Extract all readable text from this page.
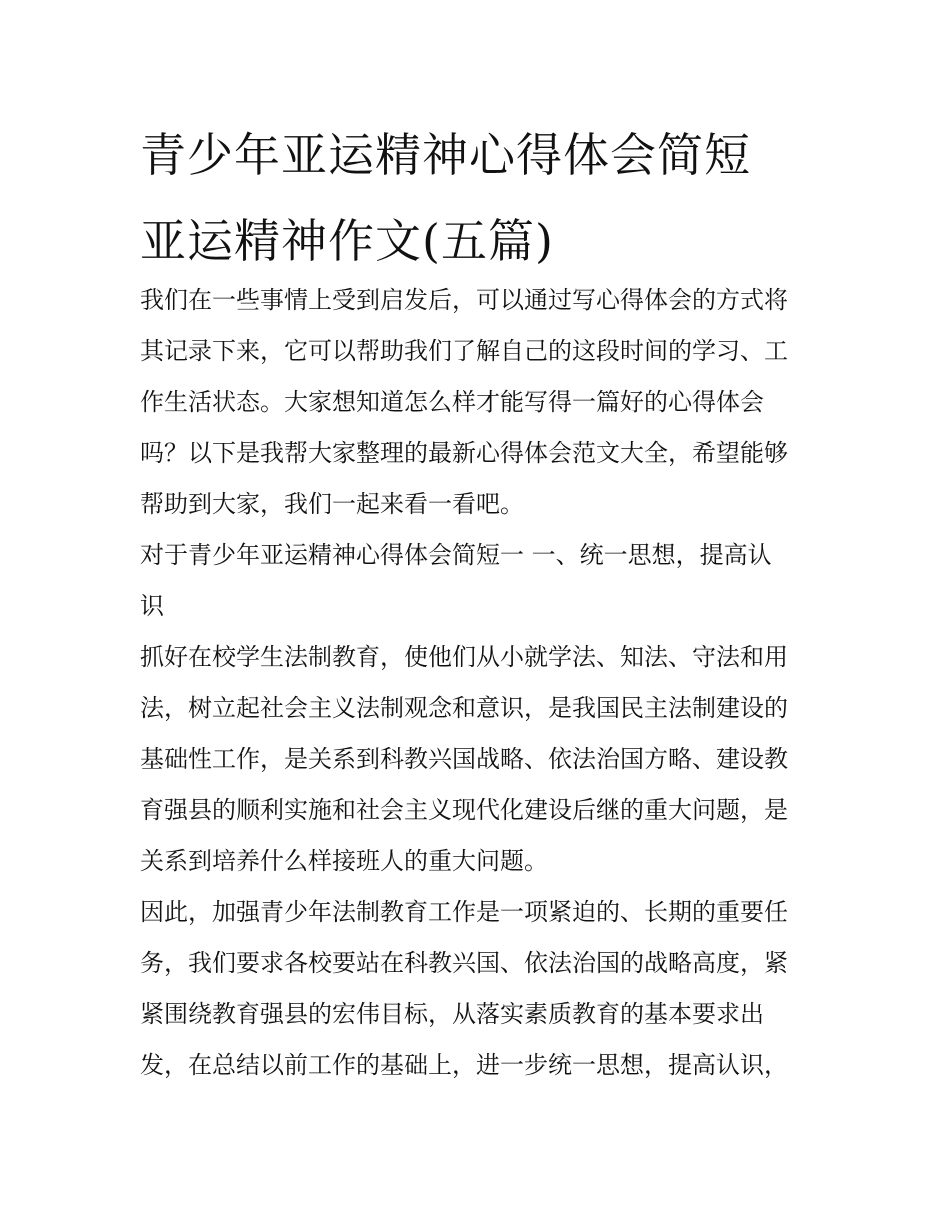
青少年亚运精神心得体会简短
亚运精神作文(五篇)

我们在一些事情上受到启发后，可以通过写心得体会的方式将
其记录下来，它可以帮助我们了解自己的这段时间的学习、工
作生活状态。大家想知道怎么样才能写得一篇好的心得体会
吗？以下是我帮大家整理的最新心得体会范文大全，希望能够
帮助到大家，我们一起来看一看吧。

对于青少年亚运精神心得体会简短一 一、统一思想，提高认
识

抓好在校学生法制教育，使他们从小就学法、知法、守法和用
法，树立起社会主义法制观念和意识，是我国民主法制建设的
基础性工作，是关系到科教兴国战略、依法治国方略、建设教
育强县的顺利实施和社会主义现代化建设后继的重大问题，是
关系到培养什么样接班人的重大问题。

因此，加强青少年法制教育工作是一项紧迫的、长期的重要任
务，我们要求各校要站在科教兴国、依法治国的战略高度，紧
紧围绕教育强县的宏伟目标，从落实素质教育的基本要求出
发，在总结以前工作的基础上，进一步统一思想，提高认识，
